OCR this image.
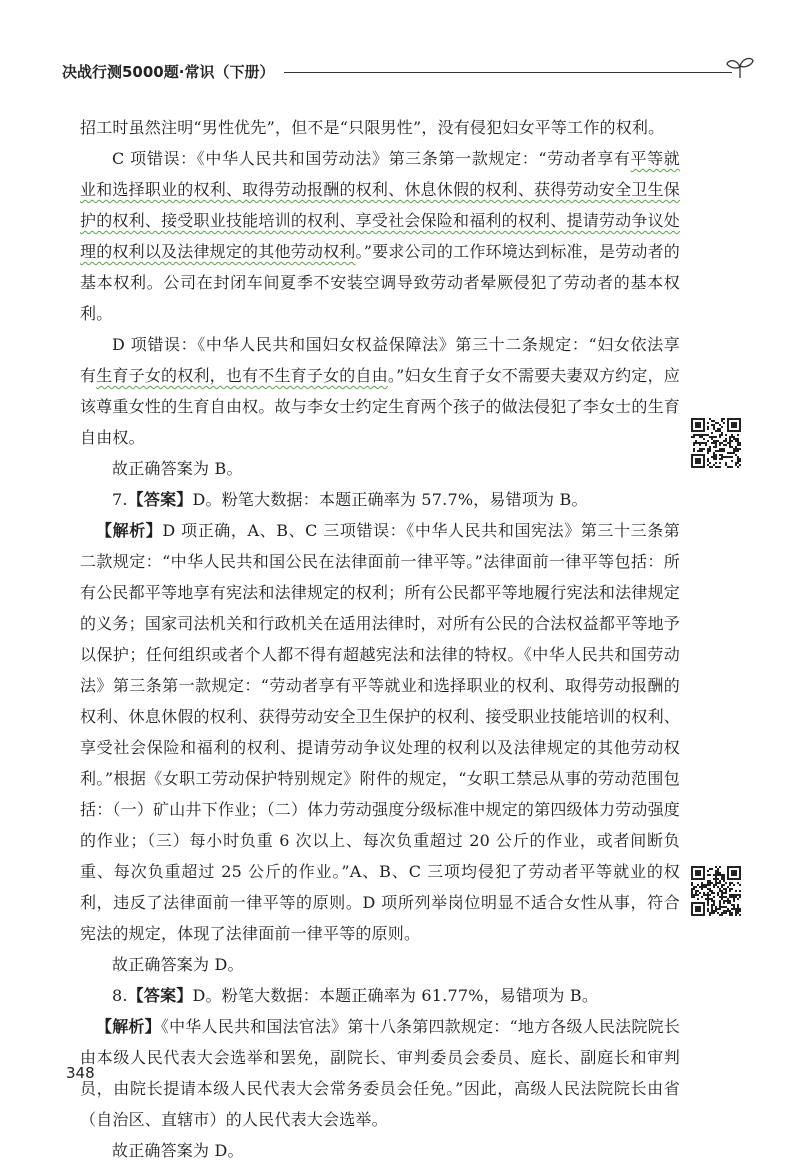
决战行测5000题·常识（下册）

招工时虽然注明“男性优先”，但不是“只限男性”，没有侵犯妇女平等工作的权利。

C 项错误：《中华人民共和国劳动法》第三条第一款规定：“劳动者享有平等就业和选择职业的权利、取得劳动报酬的权利、休息休假的权利、获得劳动安全卫生保护的权利、接受职业技能培训的权利、享受社会保险和福利的权利、提请劳动争议处理的权利以及法律规定的其他劳动权利。”要求公司的工作环境达到标准，是劳动者的基本权利。公司在封闭车间夏季不安装空调导致劳动者晕厥侵犯了劳动者的基本权利。

D 项错误：《中华人民共和国妇女权益保障法》第三十二条规定：“妇女依法享有生育子女的权利，也有不生育子女的自由。”妇女生育子女不需要夫妻双方约定，应该尊重女性的生育自由权。故与李女士约定生育两个孩子的做法侵犯了李女士的生育自由权。

故正确答案为 B。

7.【答案】D。粉笔大数据：本题正确率为 57.7%，易错项为 B。

【解析】D 项正确，A、B、C 三项错误：《中华人民共和国宪法》第三十三条第二款规定：“中华人民共和国公民在法律面前一律平等。”法律面前一律平等包括：所有公民都平等地享有宪法和法律规定的权利；所有公民都平等地履行宪法和法律规定的义务；国家司法机关和行政机关在适用法律时，对所有公民的合法权益都平等地予以保护；任何组织或者个人都不得有超越宪法和法律的特权。《中华人民共和国劳动法》第三条第一款规定：“劳动者享有平等就业和选择职业的权利、取得劳动报酬的权利、休息休假的权利、获得劳动安全卫生保护的权利、接受职业技能培训的权利、享受社会保险和福利的权利、提请劳动争议处理的权利以及法律规定的其他劳动权利。”根据《女职工劳动保护特别规定》附件的规定，“女职工禁忌从事的劳动范围包括：（一）矿山井下作业；（二）体力劳动强度分级标准中规定的第四级体力劳动强度的作业；（三）每小时负重 6 次以上、每次负重超过 20 公斤的作业，或者间断负重、每次负重超过 25 公斤的作业。”A、B、C 三项均侵犯了劳动者平等就业的权利，违反了法律面前一律平等的原则。D 项所列举岗位明显不适合女性从事，符合宪法的规定，体现了法律面前一律平等的原则。

故正确答案为 D。

8.【答案】D。粉笔大数据：本题正确率为 61.77%，易错项为 B。

【解析】《中华人民共和国法官法》第十八条第四款规定：“地方各级人民法院院长由本级人民代表大会选举和罢免，副院长、审判委员会委员、庭长、副庭长和审判员，由院长提请本级人民代表大会常务委员会任免。”因此，高级人民法院院长由省（自治区、直辖市）的人民代表大会选举。

故正确答案为 D。

348
